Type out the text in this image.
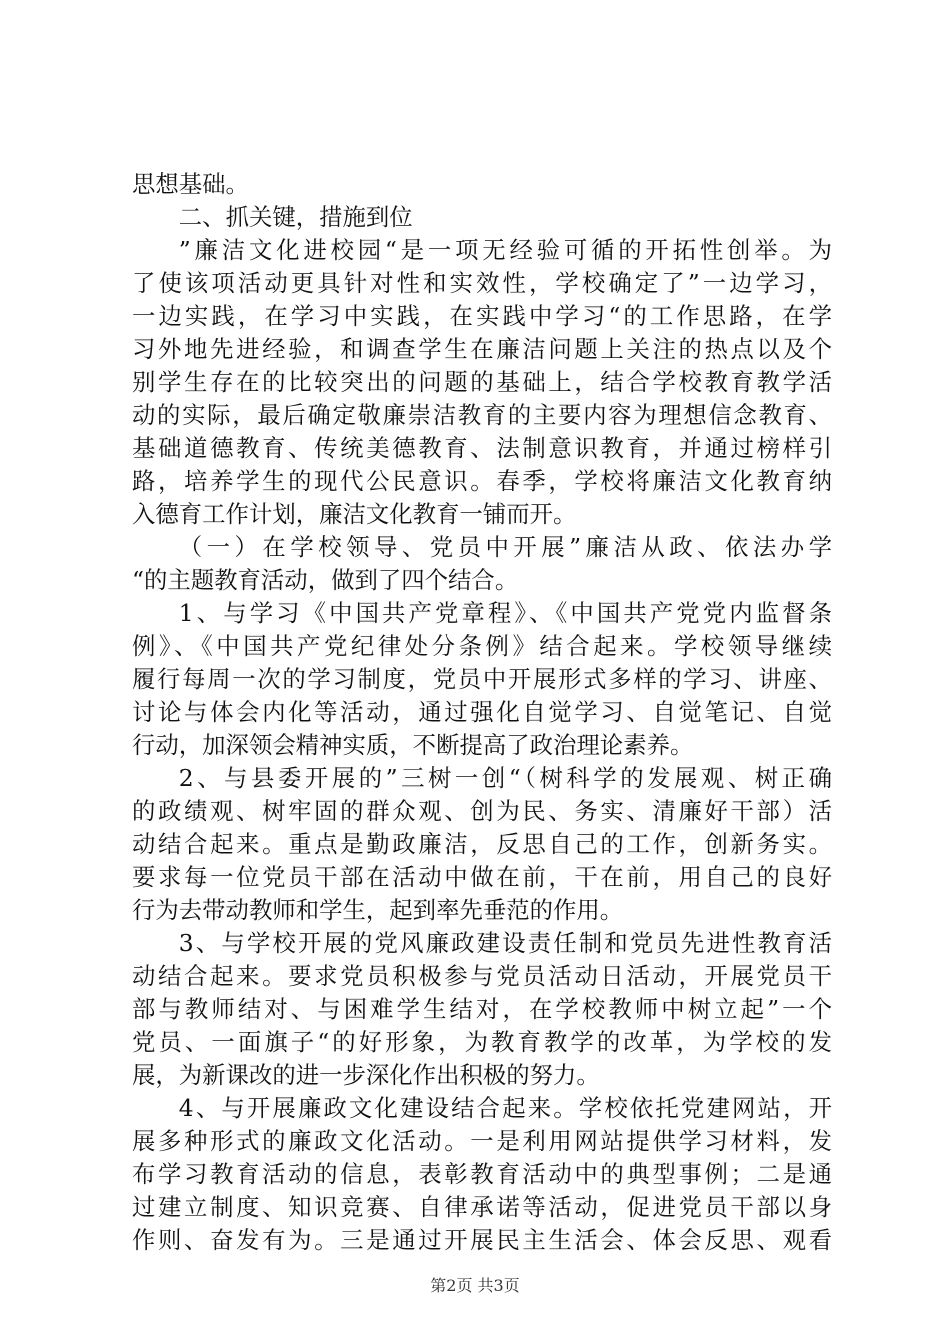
思想基础。
二、抓关键，措施到位
”廉洁文化进校园“是一项无经验可循的开拓性创举。为
了使该项活动更具针对性和实效性，学校确定了”一边学习，
一边实践，在学习中实践，在实践中学习“的工作思路，在学
习外地先进经验，和调查学生在廉洁问题上关注的热点以及个
别学生存在的比较突出的问题的基础上，结合学校教育教学活
动的实际，最后确定敬廉崇洁教育的主要内容为理想信念教育、
基础道德教育、传统美德教育、法制意识教育，并通过榜样引
路，培养学生的现代公民意识。春季，学校将廉洁文化教育纳
入德育工作计划，廉洁文化教育一铺而开。
（一）在学校领导、党员中开展”廉洁从政、依法办学
“的主题教育活动，做到了四个结合。
1、与学习《中国共产党章程》、《中国共产党党内监督条
例》、《中国共产党纪律处分条例》结合起来。学校领导继续
履行每周一次的学习制度，党员中开展形式多样的学习、讲座、
讨论与体会内化等活动，通过强化自觉学习、自觉笔记、自觉
行动，加深领会精神实质，不断提高了政治理论素养。
2、与县委开展的”三树一创“（树科学的发展观、树正确
的政绩观、树牢固的群众观、创为民、务实、清廉好干部）活
动结合起来。重点是勤政廉洁，反思自己的工作，创新务实。
要求每一位党员干部在活动中做在前，干在前，用自己的良好
行为去带动教师和学生，起到率先垂范的作用。
3、与学校开展的党风廉政建设责任制和党员先进性教育活
动结合起来。要求党员积极参与党员活动日活动，开展党员干
部与教师结对、与困难学生结对，在学校教师中树立起”一个
党员、一面旗子“的好形象，为教育教学的改革，为学校的发
展，为新课改的进一步深化作出积极的努力。
4、与开展廉政文化建设结合起来。学校依托党建网站，开
展多种形式的廉政文化活动。一是利用网站提供学习材料，发
布学习教育活动的信息，表彰教育活动中的典型事例；二是通
过建立制度、知识竞赛、自律承诺等活动，促进党员干部以身
作则、奋发有为。三是通过开展民主生活会、体会反思、观看
第2页 共3页
